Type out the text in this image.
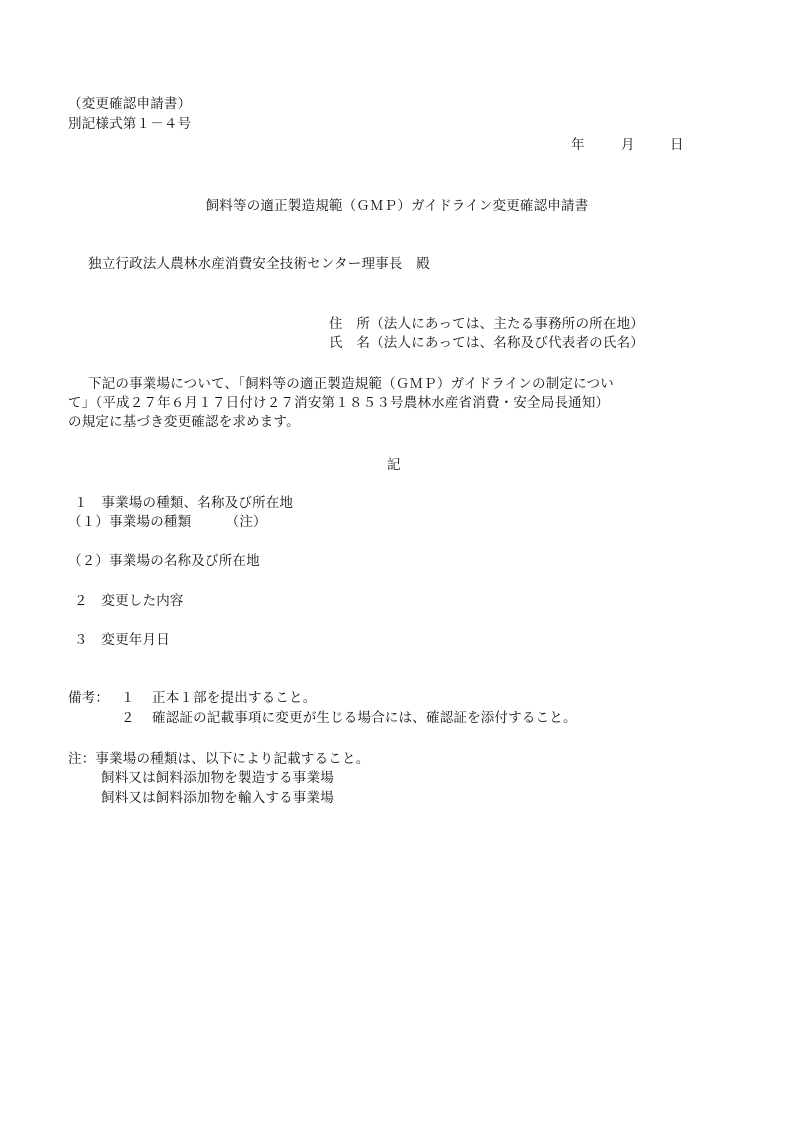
（変更確認申請書）
別記様式第１－４号
年	月	日
飼料等の適正製造規範（ＧＭＰ）ガイドライン変更確認申請書
独立行政法人農林水産消費安全技術センター理事長　殿
住　所（法人にあっては、主たる事務所の所在地）
氏　名（法人にあっては、名称及び代表者の氏名）
下記の事業場について、「飼料等の適正製造規範（ＧＭＰ）ガイドラインの制定につい
て」（平成２７年６月１７日付け２７消安第１８５３号農林水産省消費・安全局長通知）
の規定に基づき変更確認を求めます。
記
１　事業場の種類、名称及び所在地
（１）事業場の種類　　　（注）
（２）事業場の名称及び所在地
２　変更した内容
３　変更年月日
備考： １ 正本１部を提出すること。
２ 確認証の記載事項に変更が生じる場合には、確認証を添付すること。
注：事業場の種類は、以下により記載すること。
飼料又は飼料添加物を製造する事業場
飼料又は飼料添加物を輸入する事業場
